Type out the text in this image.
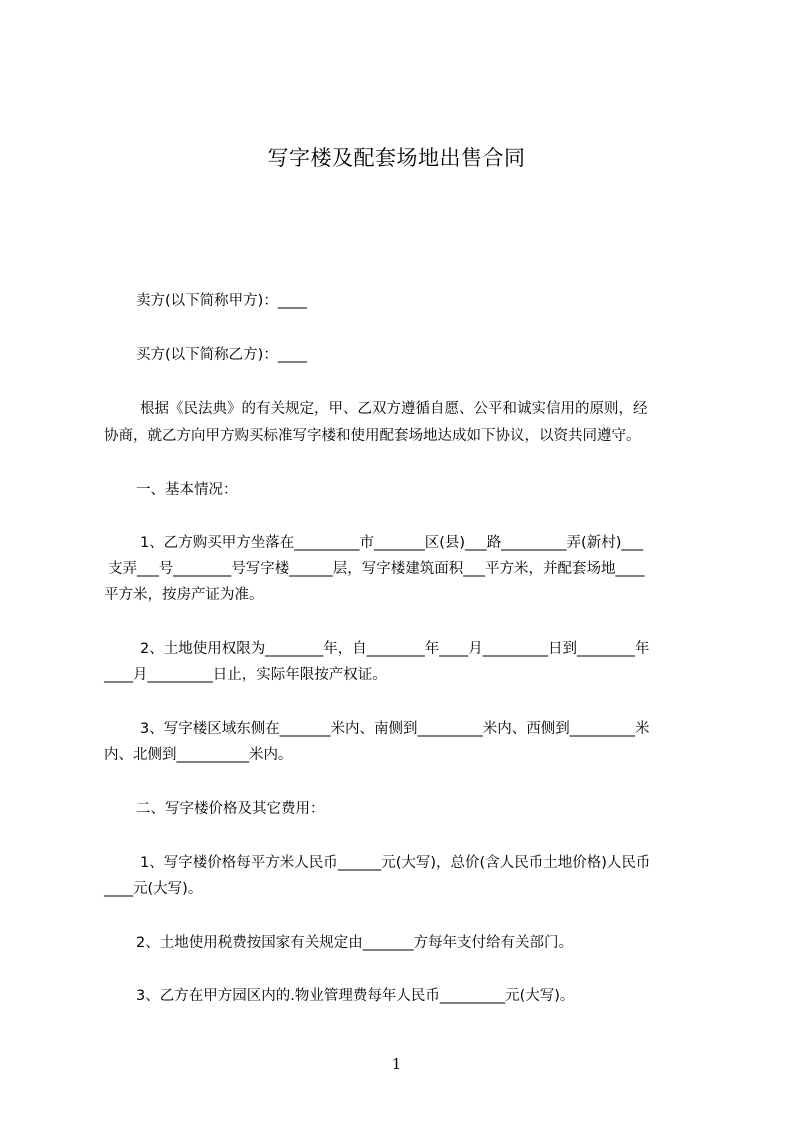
写字楼及配套场地出售合同
卖方(以下简称甲方)：____
买方(以下简称乙方)：____
根据《民法典》的有关规定，甲、乙双方遵循自愿、公平和诚实信用的原则，经
协商，就乙方向甲方购买标准写字楼和使用配套场地达成如下协议，以资共同遵守。
一、基本情况：
1、乙方购买甲方坐落在_________市_______区(县)___路_________弄(新村)___
支弄___号________号写字楼______层，写字楼建筑面积___平方米，并配套场地____
平方米，按房产证为准。
2、土地使用权限为________年，自________年____月_________日到________年
____月_________日止，实际年限按产权证。
3、写字楼区域东侧在_______米内、南侧到_________米内、西侧到_________米
内、北侧到__________米内。
二、写字楼价格及其它费用：
1、写字楼价格每平方米人民币______元(大写)，总价(含人民币土地价格)人民币
____元(大写)。
2、土地使用税费按国家有关规定由_______方每年支付给有关部门。
3、乙方在甲方园区内的.物业管理费每年人民币_________元(大写)。
1
